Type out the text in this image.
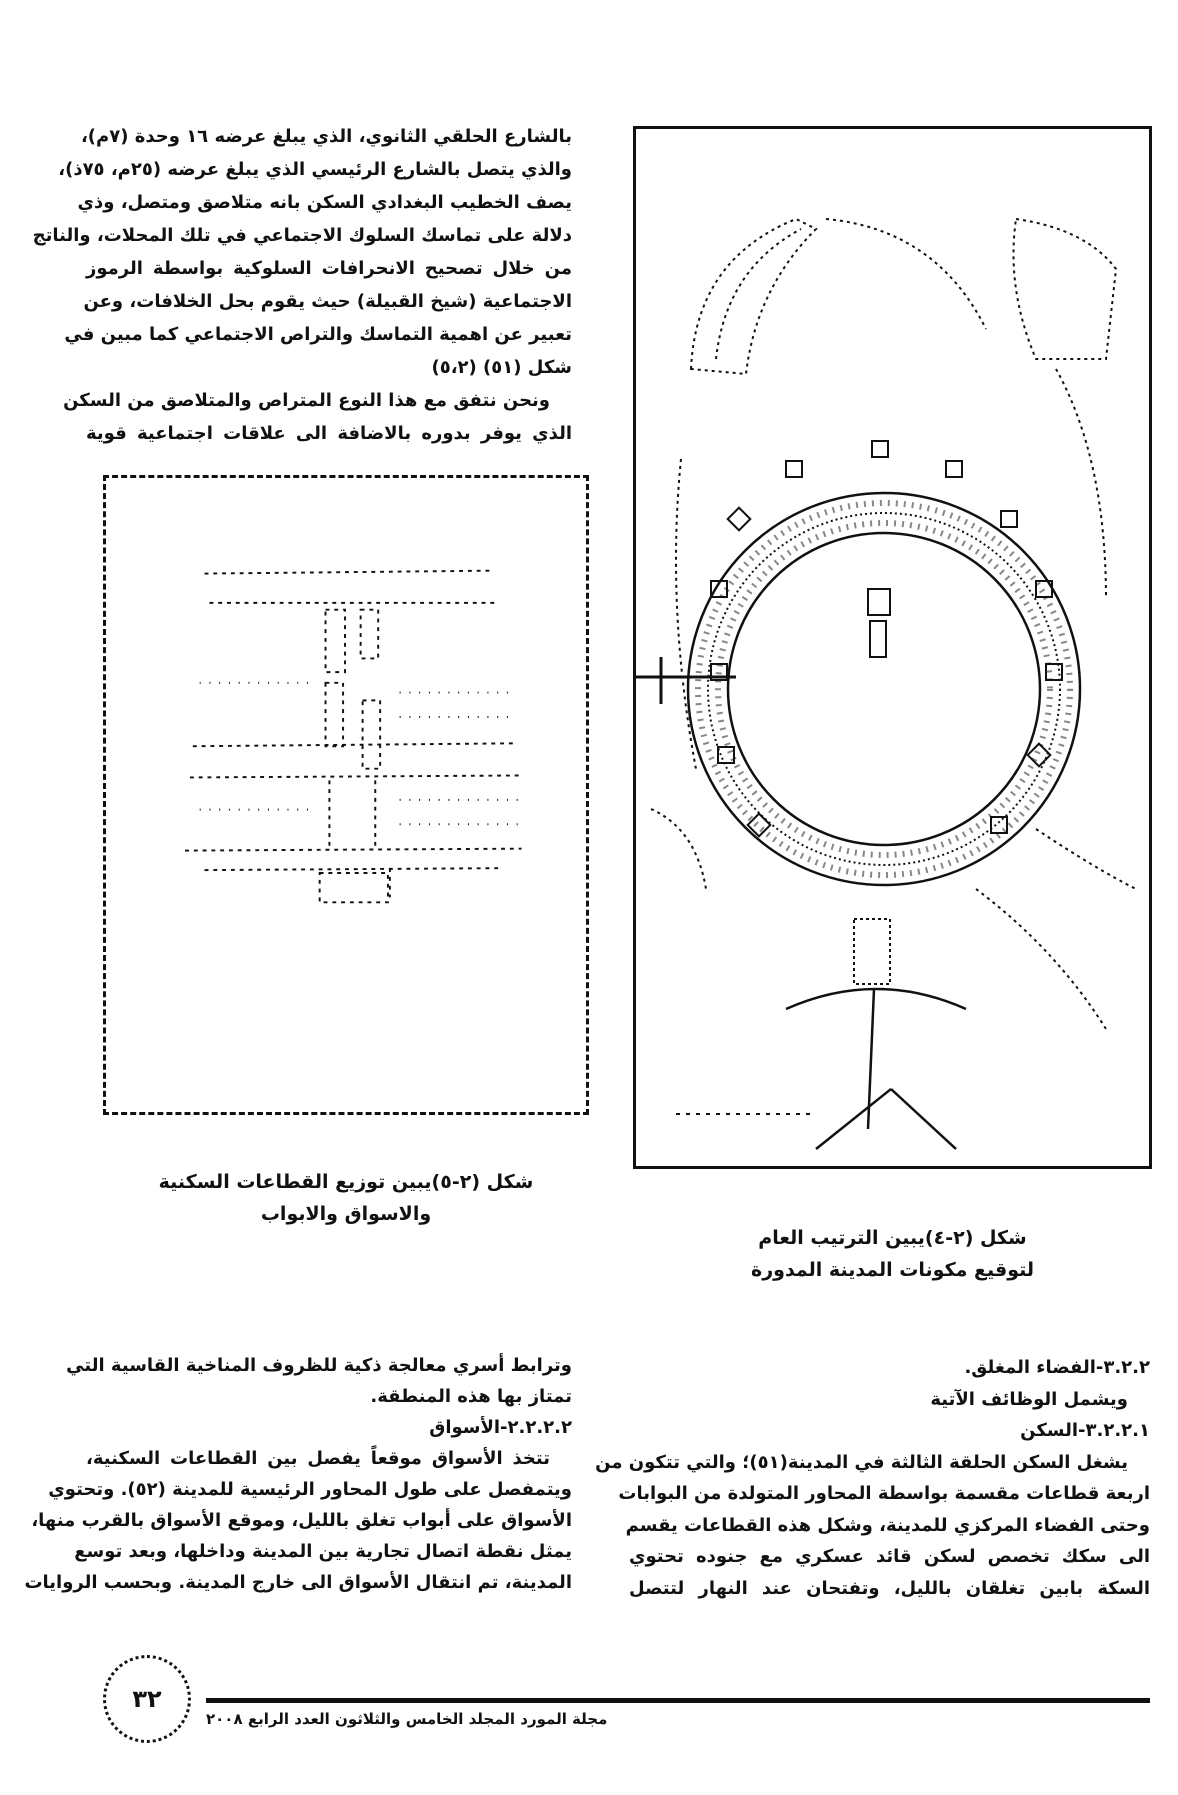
بالشارع الحلقي الثانوي، الذي يبلغ عرضه ١٦ وحدة (٧م)،
والذي يتصل بالشارع الرئيسي الذي يبلغ عرضه (٢٥م، ٧٥ذ)،
يصف الخطيب البغدادي السكن بانه متلاصق ومتصل، وذي
دلالة على تماسك السلوك الاجتماعي في تلك المحلات، والناتج
من خلال تصحيح الانحرافات السلوكية بواسطة الرموز
الاجتماعية (شيخ القبيلة) حيث يقوم بحل الخلافات، وعن
تعبير عن اهمية التماسك والتراص الاجتماعي كما مبين في
شكل (٥١) (٥،٢)
ونحن نتفق مع هذا النوع المتراص والمتلاصق من السكن
الذي يوفر بدوره بالاضافة الى علاقات اجتماعية قوية
شكل (٢-٥)يبين توزيع القطاعات السكنية
والاسواق والابواب
شكل (٢-٤)يبين الترتيب العام
لتوقيع مكونات المدينة المدورة
وترابط أسري معالجة ذكية للظروف المناخية القاسية التي
تمتاز بها هذه المنطقة.
٢.٢.٢.٢-الأسواق
تتخذ الأسواق موقعاً يفصل بين القطاعات السكنية،
ويتمفصل على طول المحاور الرئيسية للمدينة (٥٢). وتحتوي
الأسواق على أبواب تغلق بالليل، وموقع الأسواق بالقرب منها،
يمثل نقطة اتصال تجارية بين المدينة وداخلها، وبعد توسع
المدينة، تم انتقال الأسواق الى خارج المدينة. وبحسب الروايات
٣.٢.٢-الفضاء المغلق.
ويشمل الوظائف الآتية
٣.٢.٢.١-السكن
يشغل السكن الحلقة الثالثة في المدينة(٥١)؛ والتي تتكون من
اربعة قطاعات مقسمة بواسطة المحاور المتولدة من البوابات
وحتى الفضاء المركزي للمدينة، وشكل هذه القطاعات يقسم
الى سكك تخصص لسكن قائد عسكري مع جنوده تحتوي
السكة بابين تغلقان بالليل، وتفتحان عند النهار لتتصل
٣٢
مجلة المورد المجلد الخامس والثلاثون العدد الرابع ٢٠٠٨
